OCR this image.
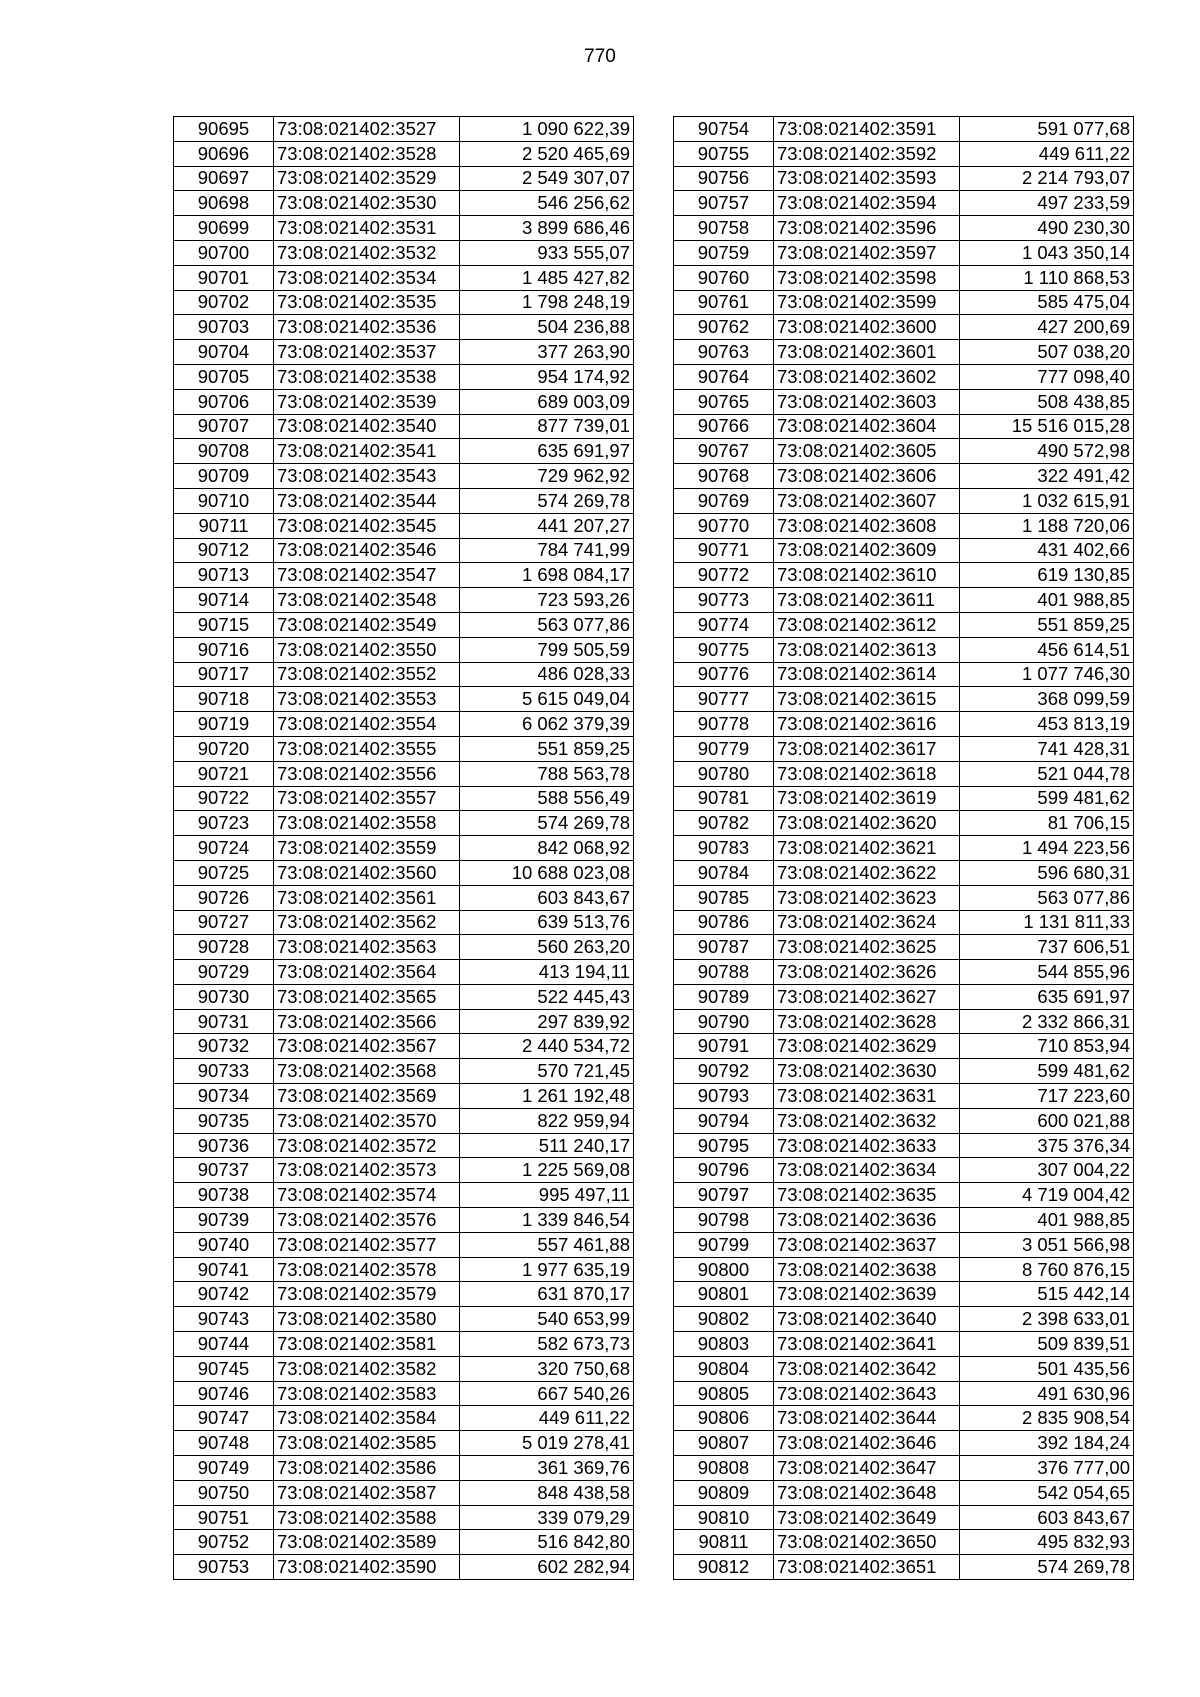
770
90695	73:08:021402:3527	1 090 622,39
90696	73:08:021402:3528	2 520 465,69
90697	73:08:021402:3529	2 549 307,07
90698	73:08:021402:3530	546 256,62
90699	73:08:021402:3531	3 899 686,46
90700	73:08:021402:3532	933 555,07
90701	73:08:021402:3534	1 485 427,82
90702	73:08:021402:3535	1 798 248,19
90703	73:08:021402:3536	504 236,88
90704	73:08:021402:3537	377 263,90
90705	73:08:021402:3538	954 174,92
90706	73:08:021402:3539	689 003,09
90707	73:08:021402:3540	877 739,01
90708	73:08:021402:3541	635 691,97
90709	73:08:021402:3543	729 962,92
90710	73:08:021402:3544	574 269,78
90711	73:08:021402:3545	441 207,27
90712	73:08:021402:3546	784 741,99
90713	73:08:021402:3547	1 698 084,17
90714	73:08:021402:3548	723 593,26
90715	73:08:021402:3549	563 077,86
90716	73:08:021402:3550	799 505,59
90717	73:08:021402:3552	486 028,33
90718	73:08:021402:3553	5 615 049,04
90719	73:08:021402:3554	6 062 379,39
90720	73:08:021402:3555	551 859,25
90721	73:08:021402:3556	788 563,78
90722	73:08:021402:3557	588 556,49
90723	73:08:021402:3558	574 269,78
90724	73:08:021402:3559	842 068,92
90725	73:08:021402:3560	10 688 023,08
90726	73:08:021402:3561	603 843,67
90727	73:08:021402:3562	639 513,76
90728	73:08:021402:3563	560 263,20
90729	73:08:021402:3564	413 194,11
90730	73:08:021402:3565	522 445,43
90731	73:08:021402:3566	297 839,92
90732	73:08:021402:3567	2 440 534,72
90733	73:08:021402:3568	570 721,45
90734	73:08:021402:3569	1 261 192,48
90735	73:08:021402:3570	822 959,94
90736	73:08:021402:3572	511 240,17
90737	73:08:021402:3573	1 225 569,08
90738	73:08:021402:3574	995 497,11
90739	73:08:021402:3576	1 339 846,54
90740	73:08:021402:3577	557 461,88
90741	73:08:021402:3578	1 977 635,19
90742	73:08:021402:3579	631 870,17
90743	73:08:021402:3580	540 653,99
90744	73:08:021402:3581	582 673,73
90745	73:08:021402:3582	320 750,68
90746	73:08:021402:3583	667 540,26
90747	73:08:021402:3584	449 611,22
90748	73:08:021402:3585	5 019 278,41
90749	73:08:021402:3586	361 369,76
90750	73:08:021402:3587	848 438,58
90751	73:08:021402:3588	339 079,29
90752	73:08:021402:3589	516 842,80
90753	73:08:021402:3590	602 282,94
90754	73:08:021402:3591	591 077,68
90755	73:08:021402:3592	449 611,22
90756	73:08:021402:3593	2 214 793,07
90757	73:08:021402:3594	497 233,59
90758	73:08:021402:3596	490 230,30
90759	73:08:021402:3597	1 043 350,14
90760	73:08:021402:3598	1 110 868,53
90761	73:08:021402:3599	585 475,04
90762	73:08:021402:3600	427 200,69
90763	73:08:021402:3601	507 038,20
90764	73:08:021402:3602	777 098,40
90765	73:08:021402:3603	508 438,85
90766	73:08:021402:3604	15 516 015,28
90767	73:08:021402:3605	490 572,98
90768	73:08:021402:3606	322 491,42
90769	73:08:021402:3607	1 032 615,91
90770	73:08:021402:3608	1 188 720,06
90771	73:08:021402:3609	431 402,66
90772	73:08:021402:3610	619 130,85
90773	73:08:021402:3611	401 988,85
90774	73:08:021402:3612	551 859,25
90775	73:08:021402:3613	456 614,51
90776	73:08:021402:3614	1 077 746,30
90777	73:08:021402:3615	368 099,59
90778	73:08:021402:3616	453 813,19
90779	73:08:021402:3617	741 428,31
90780	73:08:021402:3618	521 044,78
90781	73:08:021402:3619	599 481,62
90782	73:08:021402:3620	81 706,15
90783	73:08:021402:3621	1 494 223,56
90784	73:08:021402:3622	596 680,31
90785	73:08:021402:3623	563 077,86
90786	73:08:021402:3624	1 131 811,33
90787	73:08:021402:3625	737 606,51
90788	73:08:021402:3626	544 855,96
90789	73:08:021402:3627	635 691,97
90790	73:08:021402:3628	2 332 866,31
90791	73:08:021402:3629	710 853,94
90792	73:08:021402:3630	599 481,62
90793	73:08:021402:3631	717 223,60
90794	73:08:021402:3632	600 021,88
90795	73:08:021402:3633	375 376,34
90796	73:08:021402:3634	307 004,22
90797	73:08:021402:3635	4 719 004,42
90798	73:08:021402:3636	401 988,85
90799	73:08:021402:3637	3 051 566,98
90800	73:08:021402:3638	8 760 876,15
90801	73:08:021402:3639	515 442,14
90802	73:08:021402:3640	2 398 633,01
90803	73:08:021402:3641	509 839,51
90804	73:08:021402:3642	501 435,56
90805	73:08:021402:3643	491 630,96
90806	73:08:021402:3644	2 835 908,54
90807	73:08:021402:3646	392 184,24
90808	73:08:021402:3647	376 777,00
90809	73:08:021402:3648	542 054,65
90810	73:08:021402:3649	603 843,67
90811	73:08:021402:3650	495 832,93
90812	73:08:021402:3651	574 269,78
